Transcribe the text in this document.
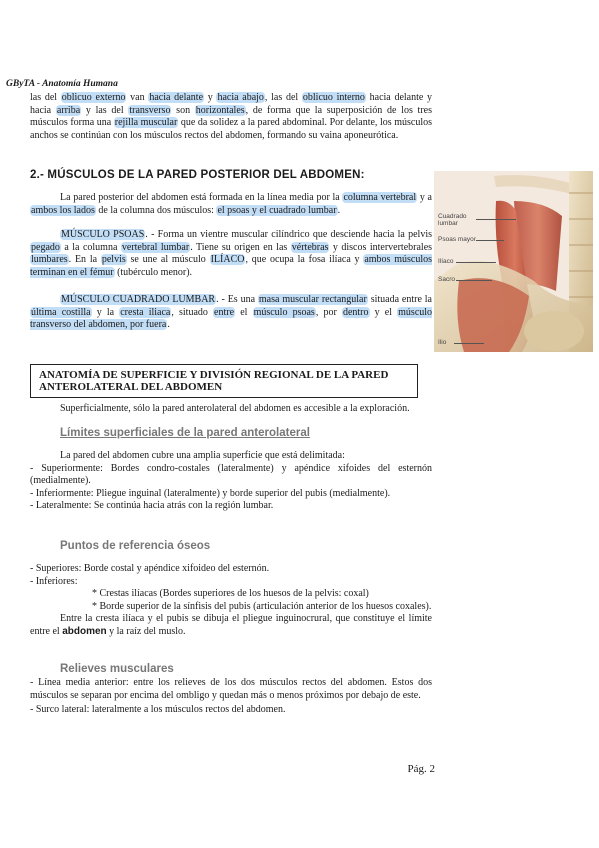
GByTA - Anatomía Humana
las del oblicuo externo van hacia delante y hacia abajo, las del oblicuo interno hacia delante y hacia arriba y las del transverso son horizontales, de forma que la superposición de los tres músculos forma una rejilla muscular que da solidez a la pared abdominal. Por delante, los músculos anchos se continúan con los músculos rectos del abdomen, formando su vaina aponeurótica.
2.- MÚSCULOS DE LA PARED POSTERIOR DEL ABDOMEN:
La pared posterior del abdomen está formada en la línea media por la columna vertebral y a ambos los lados de la columna dos músculos: el psoas y el cuadrado lumbar.
MÚSCULO PSOAS. - Forma un vientre muscular cilíndrico que desciende hacia la pelvis pegado a la columna vertebral lumbar. Tiene su origen en las vértebras y discos intervertebrales lumbares. En la pelvis se une al músculo ILÍACO, que ocupa la fosa ilíaca y ambos músculos terminan en el fémur (tubérculo menor).
MÚSCULO CUADRADO LUMBAR. - Es una masa muscular rectangular situada entre la última costilla y la cresta iliaca, situado entre el músculo psoas, por dentro y el músculo transverso del abdomen, por fuera.
Cuadrado lumbar
Psoas mayor
Ilíaco
Sacro
Ilio
ANATOMÍA DE SUPERFICIE Y DIVISIÓN REGIONAL DE LA PARED ANTEROLATERAL DEL ABDOMEN
Superficialmente, sólo la pared anterolateral del abdomen es accesible a la exploración.
Límites superficiales de la pared anterolateral
La pared del abdomen cubre una amplia superficie que está delimitada:
- Superiormente: Bordes condro-costales (lateralmente) y apéndice xifoides del esternón (medialmente).
- Inferiormente: Pliegue inguinal (lateralmente) y borde superior del pubis (medialmente).
- Lateralmente: Se continúa hacia atrás con la región lumbar.
Puntos de referencia óseos
- Superiores: Borde costal y apéndice xifoideo del esternón.
- Inferiores:
* Crestas ilíacas (Bordes superiores de los huesos de la pelvis: coxal)
* Borde superior de la sínfisis del pubis (articulación anterior de los huesos coxales).
Entre la cresta ilíaca y el pubis se dibuja el pliegue inguinocrural, que constituye el límite entre el abdomen y la raíz del muslo.
Relieves musculares
- Línea media anterior: entre los relieves de los dos músculos rectos del abdomen. Estos dos músculos se separan por encima del ombligo y quedan más o menos próximos por debajo de este.
- Surco lateral: lateralmente a los músculos rectos del abdomen.
Pág. 2
